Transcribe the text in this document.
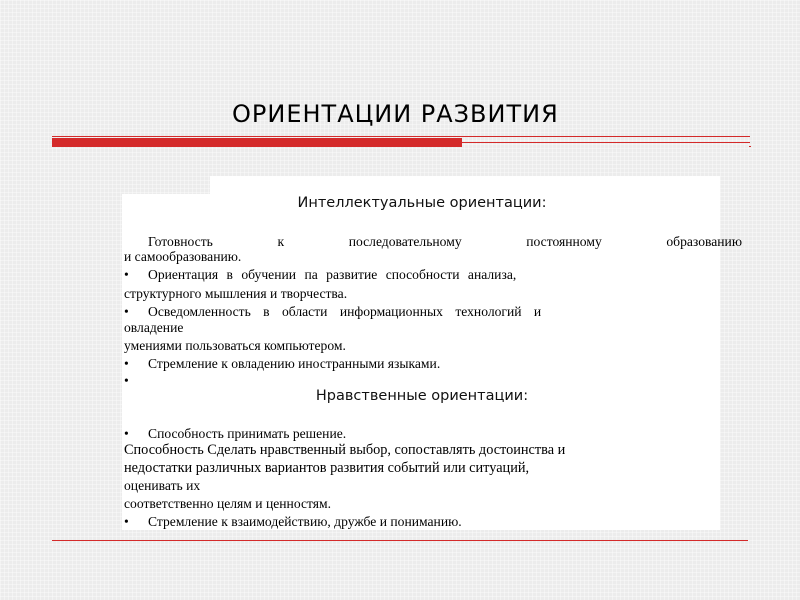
ОРИЕНТАЦИИ РАЗВИТИЯ
Интеллектуальные ориентации:
Готовность к последовательному постоянному образованию
и самообразованию.
• Ориентация в обучении па развитие способности анализа,
структурного мышления и творчества.
• Осведомленность в области информационных технологий и
овладение
умениями пользоваться компьютером.
• Стремление к овладению иностранными языками.
•
Нравственные ориентации:
• Способность принимать решение.
Способность Сделать нравственный выбор, сопоставлять достоинства и
недостатки различных вариантов развития событий или ситуаций,
оценивать их
соответственно целям и ценностям.
• Стремление к взаимодействию, дружбе и пониманию.
